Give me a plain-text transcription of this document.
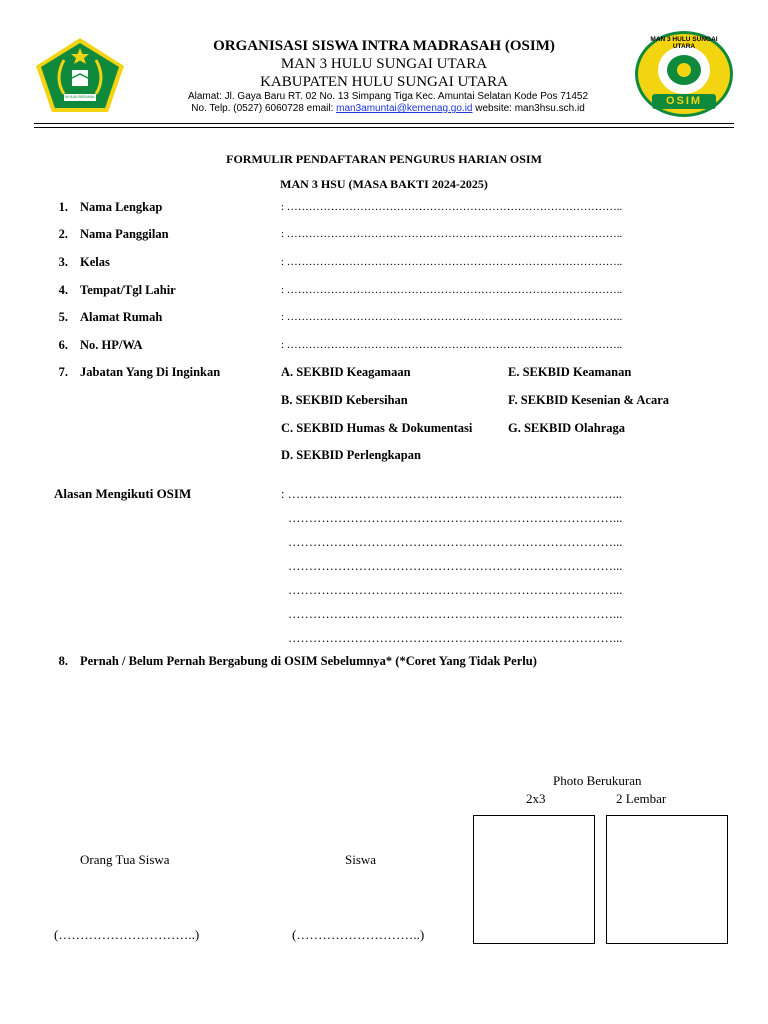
IKHLAS BERAMAL
ORGANISASI SISWA INTRA MADRASAH (OSIM)
MAN 3 HULU SUNGAI UTARA
KABUPATEN HULU SUNGAI UTARA
Alamat: Jl. Gaya Baru RT. 02 No. 13 Simpang Tiga Kec. Amuntai Selatan Kode Pos 71452
No. Telp. (0527) 6060728 email: man3amuntai@kemenag.go.id website: man3hsu.sch.id
MAN 3 HULU SUNGAI UTARA
OSIM
FORMULIR PENDAFTARAN PENGURUS HARIAN OSIM
MAN 3 HSU (MASA BAKTI 2024-2025)
1. Nama Lengkap	: ………………………………………………………………………………..
2. Nama Panggilan	: ………………………………………………………………………………..
3. Kelas	: ………………………………………………………………………………..
4. Tempat/Tgl Lahir	: ………………………………………………………………………………..
5. Alamat Rumah	: ………………………………………………………………………………..
6. No. HP/WA	: ………………………………………………………………………………..
7. Jabatan Yang Di Inginkan	A. SEKBID Keagamaan
B. SEKBID Kebersihan
C. SEKBID Humas & Dokumentasi
D. SEKBID Perlengkapan
E. SEKBID Keamanan
F. SEKBID Kesenian & Acara
G. SEKBID Olahraga
Alasan Mengikuti OSIM	: ……………………………………………………………………...
……………………………………………………………………...
……………………………………………………………………...
……………………………………………………………………...
……………………………………………………………………...
……………………………………………………………………...
……………………………………………………………………...
8. Pernah / Belum Pernah Bergabung di OSIM Sebelumnya* (*Coret Yang Tidak Perlu)
Photo Berukuran
2x3	2 Lembar
Orang Tua Siswa	Siswa
(…………………………..)	(………………………..)
